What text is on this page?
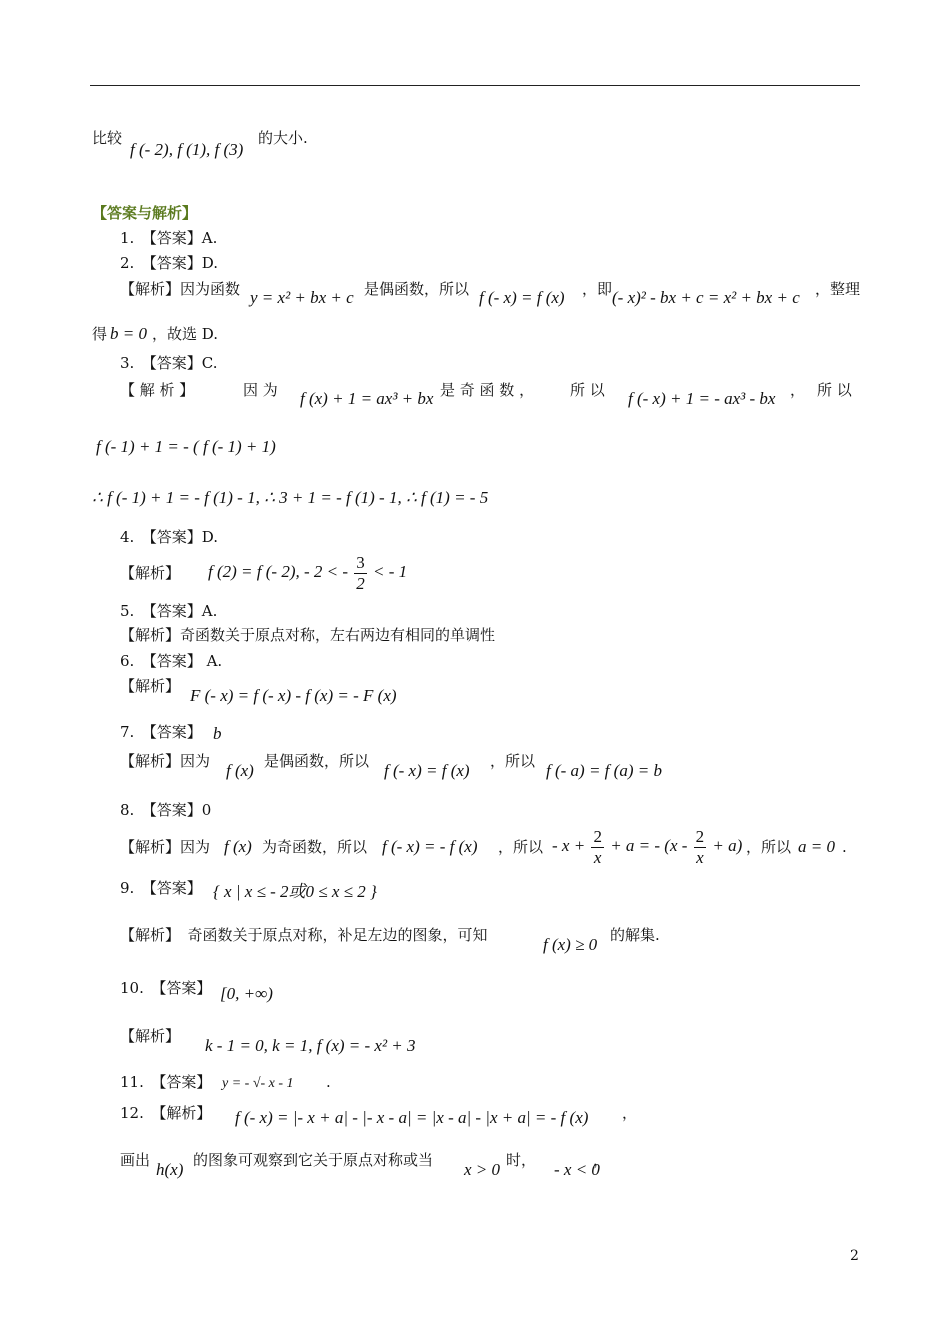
比较
f (- 2), f (1), f (3)
的大小.
【答案与解析】
1.　【答案】A.
2.　【答案】D.
【解析】因为函数 y = x² + bx + c 是偶函数，所以 f (- x) = f (x) ，即 (- x)² - bx + c = x² + bx + c ，整理
得 b = 0 ，故选 D.
3.　【答案】C.
【 解 析 】	因 为 f (x) + 1 = ax³ + bx 是 奇 函 数 ， 所 以 f (- x) + 1 = - ax³ - bx ， 所 以
f (- 1) + 1 = - ( f (- 1) + 1)
∴ f (- 1) + 1 = - f (1) - 1, ∴ 3 + 1 = - f (1) - 1, ∴ f (1) = - 5
4.　【答案】D.
【解析】 f (2) = f (- 2), - 2 < - $\frac{3}{2}$ < - 1
5.　【答案】A.
【解析】奇函数关于原点对称，左右两边有相同的单调性
6.　【答案】 A.
【解析】 F (- x) = f (- x) - f (x) = - F (x)
7.　【答案】 b
【解析】因为 f (x) 是偶函数，所以 f (- x) = f (x) ，所以 f (- a) = f (a) = b
8.　【答案】0
【解析】因为 f (x) 为奇函数，所以 f (- x) = - f (x) ，所以 - $x + \frac{2}{x} + a$ = - $(x - \frac{2}{x} + a)$ ，所以 a = 0 .
9.　【答案】 { x | x ≤ - 2或0 ≤ x ≤ 2 }
【解析】　奇函数关于原点对称，补足左边的图象，可知	f (x) ≥ 0 的解集.
10.　【答案】 [0, +∞)
【解析】 k - 1 = 0, k = 1, f (x) = - x² + 3
11.　【答案】 y = - √- x - 1 .
12.　【解析】 f (- x) = |- x + a| - |- x - a| = |x - a| - |x + a| = - f (x) ，
画出 h(x) 的图象可观察到它关于原点对称或当 x > 0 时， - x < 0
，
2
